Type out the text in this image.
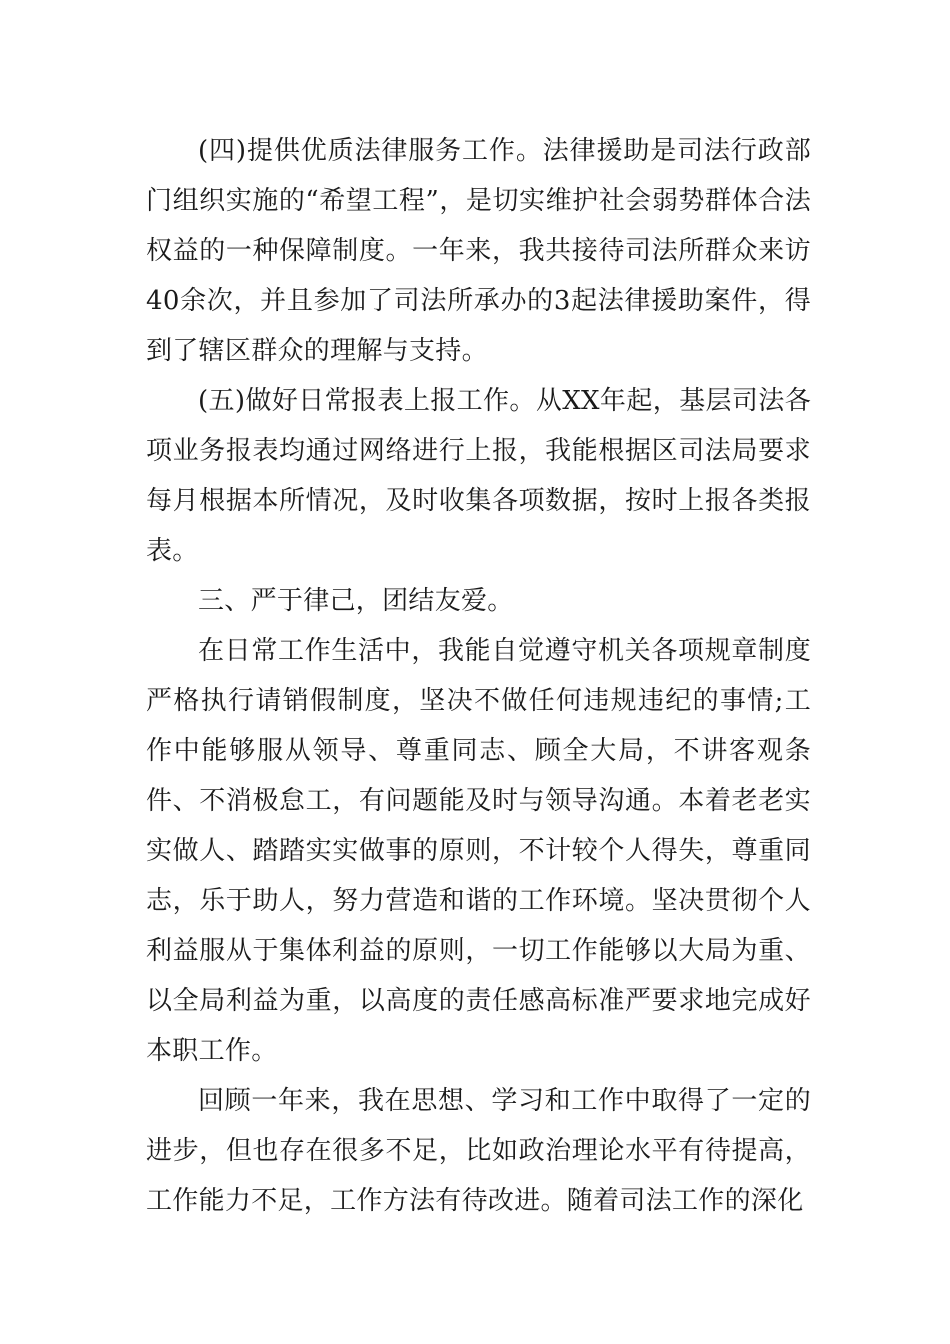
(四)提供优质法律服务工作。法律援助是司法行政部门组织实施的“希望工程”，是切实维护社会弱势群体合法权益的一种保障制度。一年来，我共接待司法所群众来访40余次，并且参加了司法所承办的3起法律援助案件，得到了辖区群众的理解与支持。

(五)做好日常报表上报工作。从XX年起，基层司法各项业务报表均通过网络进行上报，我能根据区司法局要求每月根据本所情况，及时收集各项数据，按时上报各类报表。

三、严于律己，团结友爱。

在日常工作生活中，我能自觉遵守机关各项规章制度严格执行请销假制度，坚决不做任何违规违纪的事情;工作中能够服从领导、尊重同志、顾全大局，不讲客观条件、不消极怠工，有问题能及时与领导沟通。本着老老实实做人、踏踏实实做事的原则，不计较个人得失，尊重同志，乐于助人，努力营造和谐的工作环境。坚决贯彻个人利益服从于集体利益的原则，一切工作能够以大局为重、以全局利益为重，以高度的责任感高标准严要求地完成好本职工作。

回顾一年来，我在思想、学习和工作中取得了一定的进步，但也存在很多不足，比如政治理论水平有待提高，工作能力不足，工作方法有待改进。随着司法工作的深化
